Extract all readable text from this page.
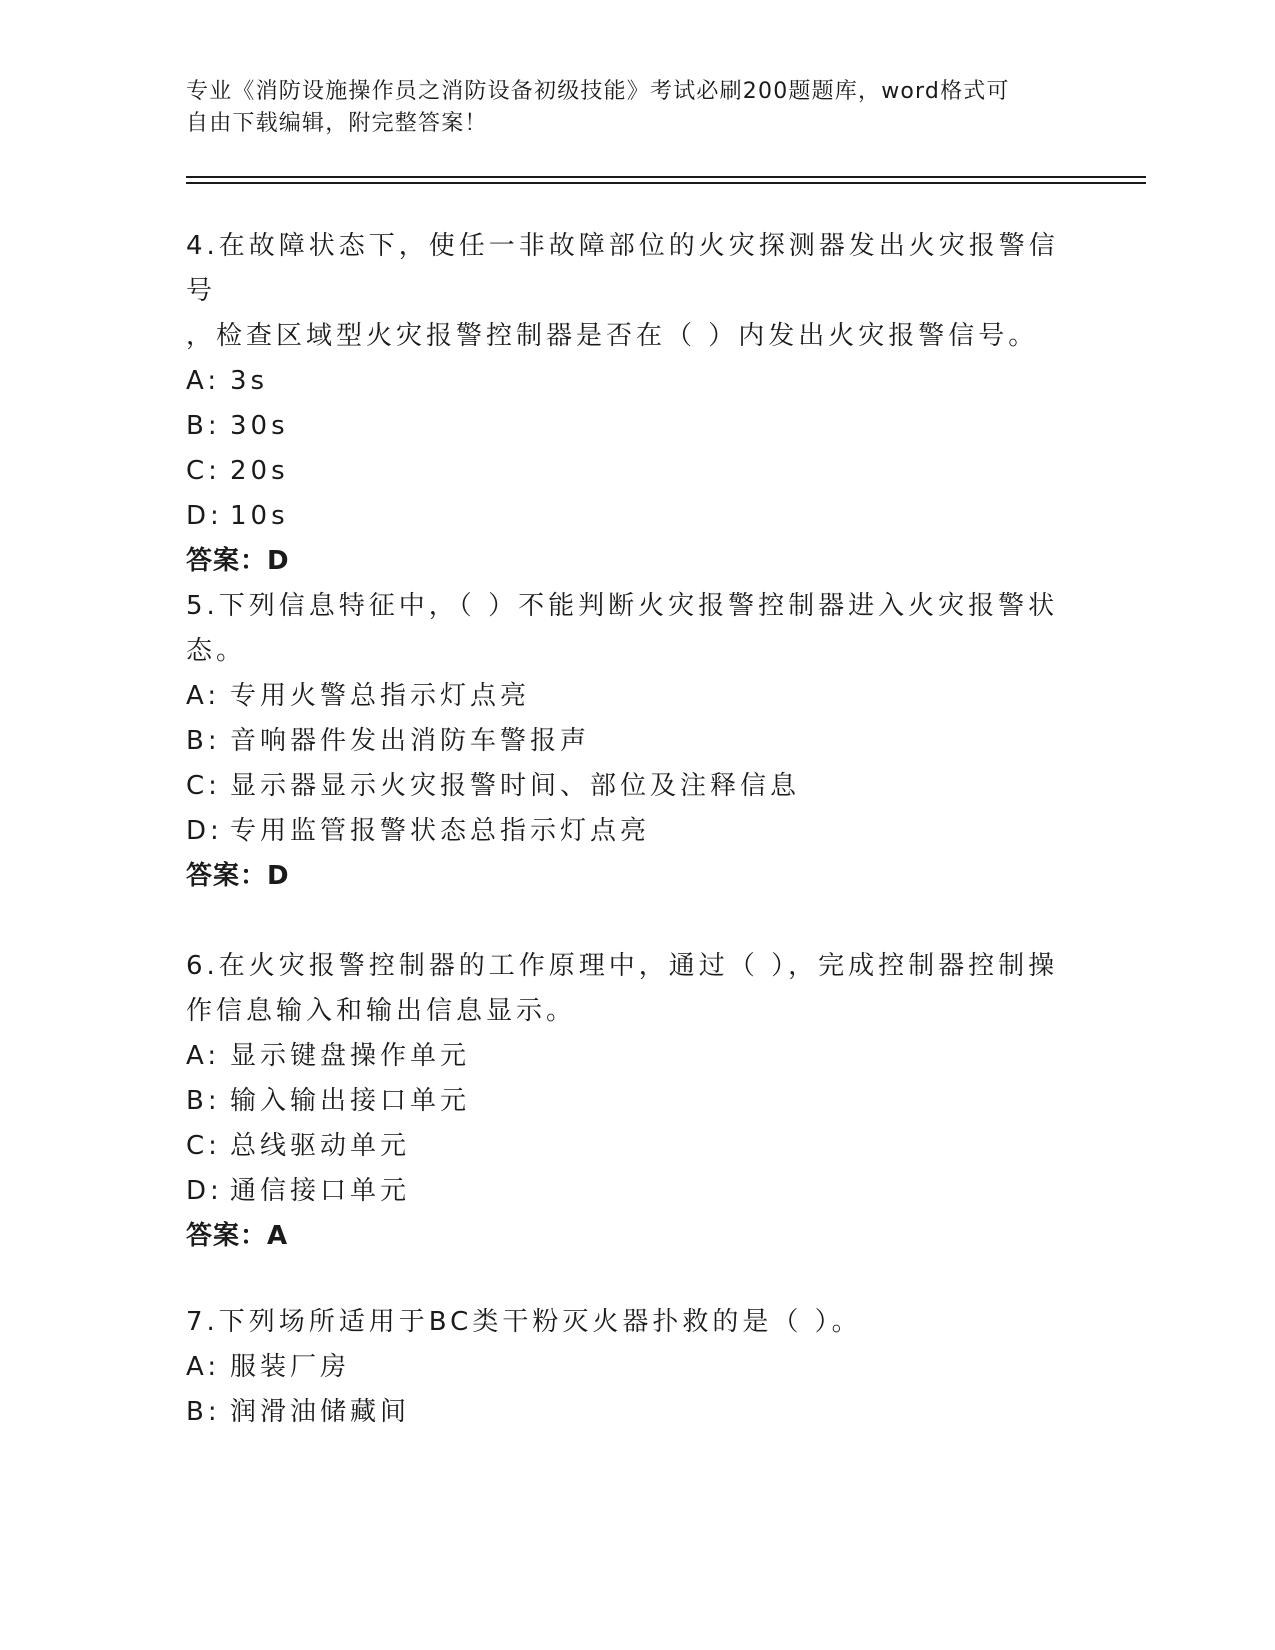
专业《消防设施操作员之消防设备初级技能》考试必刷200题题库，word格式可
自由下载编辑，附完整答案！

4.在故障状态下，使任一非故障部位的火灾探测器发出火灾报警信号
，检查区域型火灾报警控制器是否在（ ）内发出火灾报警信号。

A: 3s

B: 30s

C: 20s

D: 10s

答案：D

5.下列信息特征中，（ ）不能判断火灾报警控制器进入火灾报警状
态。

A: 专用火警总指示灯点亮

B: 音响器件发出消防车警报声

C: 显示器显示火灾报警时间、部位及注释信息

D: 专用监管报警状态总指示灯点亮

答案：D

6.在火灾报警控制器的工作原理中，通过（ ），完成控制器控制操
作信息输入和输出信息显示。

A: 显示键盘操作单元

B: 输入输出接口单元

C: 总线驱动单元

D: 通信接口单元

答案：A

7.下列场所适用于BC类干粉灭火器扑救的是（ ）。

A: 服装厂房

B: 润滑油储藏间
